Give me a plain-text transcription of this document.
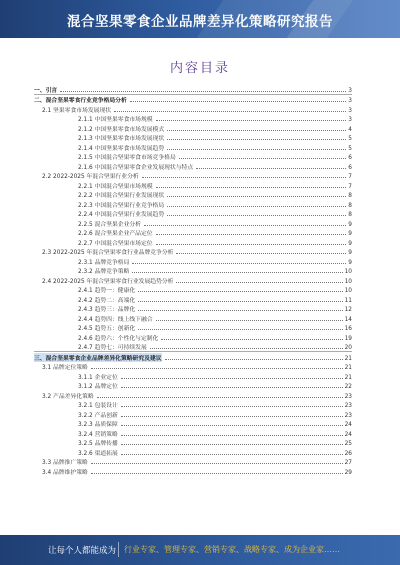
混合坚果零食企业品牌差异化策略研究报告
内容目录
一、引言	3
二、混合坚果零食行业竞争格局分析	3
2.1 坚果零食市场发展现状	3
2.1.1 中国坚果零食市场规模	3
2.1.2 中国坚果零食市场发展模式	4
2.1.3 中国坚果零食市场发展现状	5
2.1.4 中国坚果零食市场发展趋势	5
2.1.5 中国混合坚果零食市场竞争格局	6
2.1.6 中国混合坚果零食企业发展现状与特点	6
2.2 2022-2025 年混合坚果行业分析	7
2.2.1 中国混合坚果市场规模	7
2.2.2 中国混合坚果行业发展现状	8
2.2.3 中国混合坚果行业竞争格局	8
2.2.4 中国混合坚果行业发展趋势	8
2.2.5 混合坚果企业分析	9
2.2.6 混合坚果企业产品定位	9
2.2.7 中国混合坚果市场定位	9
2.3 2022-2025 年混合坚果零食行业品牌竞争分析	9
2.3.1 品牌竞争格局	9
2.3.2 品牌竞争策略	10
2.4 2022-2025 年混合坚果零食行业发展趋势分析	10
2.4.1 趋势一：健康化	10
2.4.2 趋势二：高端化	11
2.4.3 趋势三：品牌化	12
2.4.4 趋势四：线上线下融合	14
2.4.5 趋势五：创新化	16
2.4.6 趋势六：个性化与定制化	19
2.4.7 趋势七：可持续发展	20
三、混合坚果零食企业品牌差异化策略研究及建议	21
3.1 品牌定位策略	21
3.1.1 企业定位	21
3.1.2 品牌定位	22
3.2 产品差异化策略	23
3.2.1 包装设计	23
3.2.2 产品创新	23
3.2.3 品质保障	24
3.2.4 营销策略	24
3.2.5 品牌传播	25
3.2.6 渠道拓展	26
3.3 品牌推广策略	27
3.4 品牌维护策略	29
让每个人都能成为 行业专家、管理专家、营销专家、战略专家、成为企业家……
